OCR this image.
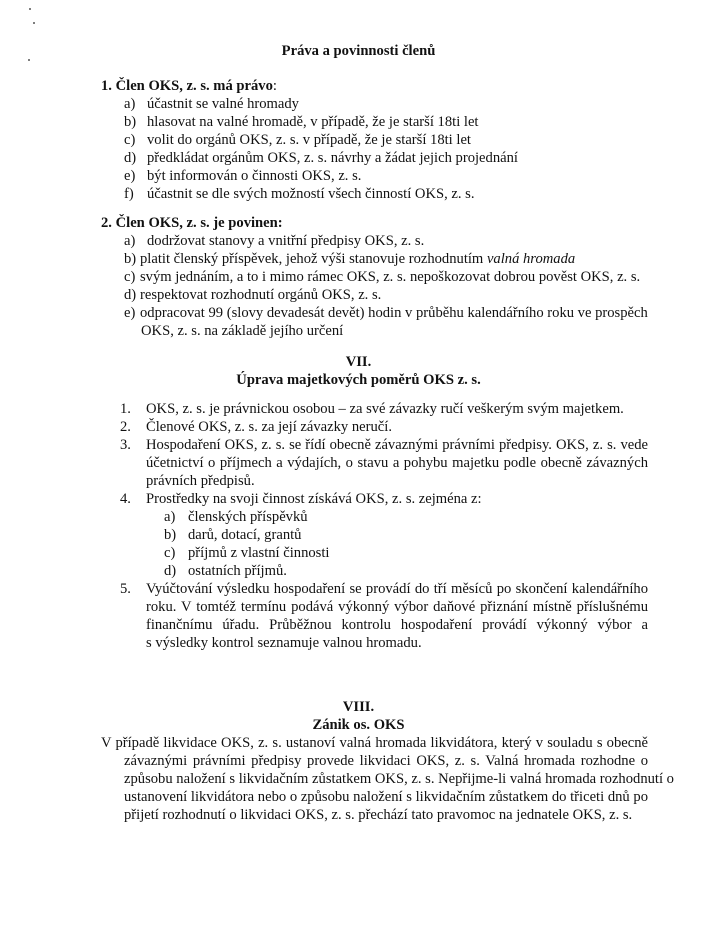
Práva a povinnosti členů
1. Člen OKS, z. s. má právo:
a) účastnit se valné hromady
b) hlasovat na valné hromadě, v případě, že je starší 18ti let
c) volit do orgánů OKS, z. s. v případě, že je starší 18ti let
d) předkládat orgánům OKS, z. s. návrhy a žádat jejich projednání
e) být informován o činnosti OKS, z. s.
f) účastnit se dle svých možností všech činností OKS, z. s.
2. Člen OKS, z. s. je povinen:
a) dodržovat stanovy a vnitřní předpisy OKS, z. s.
b) platit členský příspěvek, jehož výši stanovuje rozhodnutím valná hromada
c) svým jednáním, a to i mimo rámec OKS, z. s. nepoškozovat dobrou pověst OKS, z. s.
d) respektovat rozhodnutí orgánů OKS, z. s.
e) odpracovat 99 (slovy devadesát devět) hodin v průběhu kalendářního roku ve prospěch
OKS, z. s. na základě jejího určení
VII.
Úprava majetkových poměrů OKS z. s.
1. OKS, z. s. je právnickou osobou – za své závazky ručí veškerým svým majetkem.
2. Členové OKS, z. s. za její závazky neručí.
3. Hospodaření OKS, z. s. se řídí obecně závaznými právními předpisy. OKS, z. s. vede
účetnictví o příjmech a výdajích, o stavu a pohybu majetku podle obecně závazných
právních předpisů.
4. Prostředky na svoji činnost získává OKS, z. s. zejména z:
a) členských příspěvků
b) darů, dotací, grantů
c) příjmů z vlastní činnosti
d) ostatních příjmů.
5. Vyúčtování výsledku hospodaření se provádí do tří měsíců po skončení kalendářního
roku. V tomtéž termínu podává výkonný výbor daňové přiznání místně příslušnému
finančnímu úřadu. Průběžnou kontrolu hospodaření provádí výkonný výbor a
s výsledky kontrol seznamuje valnou hromadu.
VIII.
Zánik os. OKS
V případě likvidace OKS, z. s. ustanoví valná hromada likvidátora, který v souladu s obecně
závaznými právními předpisy provede likvidaci OKS, z. s. Valná hromada rozhodne o
způsobu naložení s likvidačním zůstatkem OKS, z. s. Nepřijme-li valná hromada rozhodnutí o
ustanovení likvidátora nebo o způsobu naložení s likvidačním zůstatkem do třiceti dnů po
přijetí rozhodnutí o likvidaci OKS, z. s. přechází tato pravomoc na jednatele OKS, z. s.
